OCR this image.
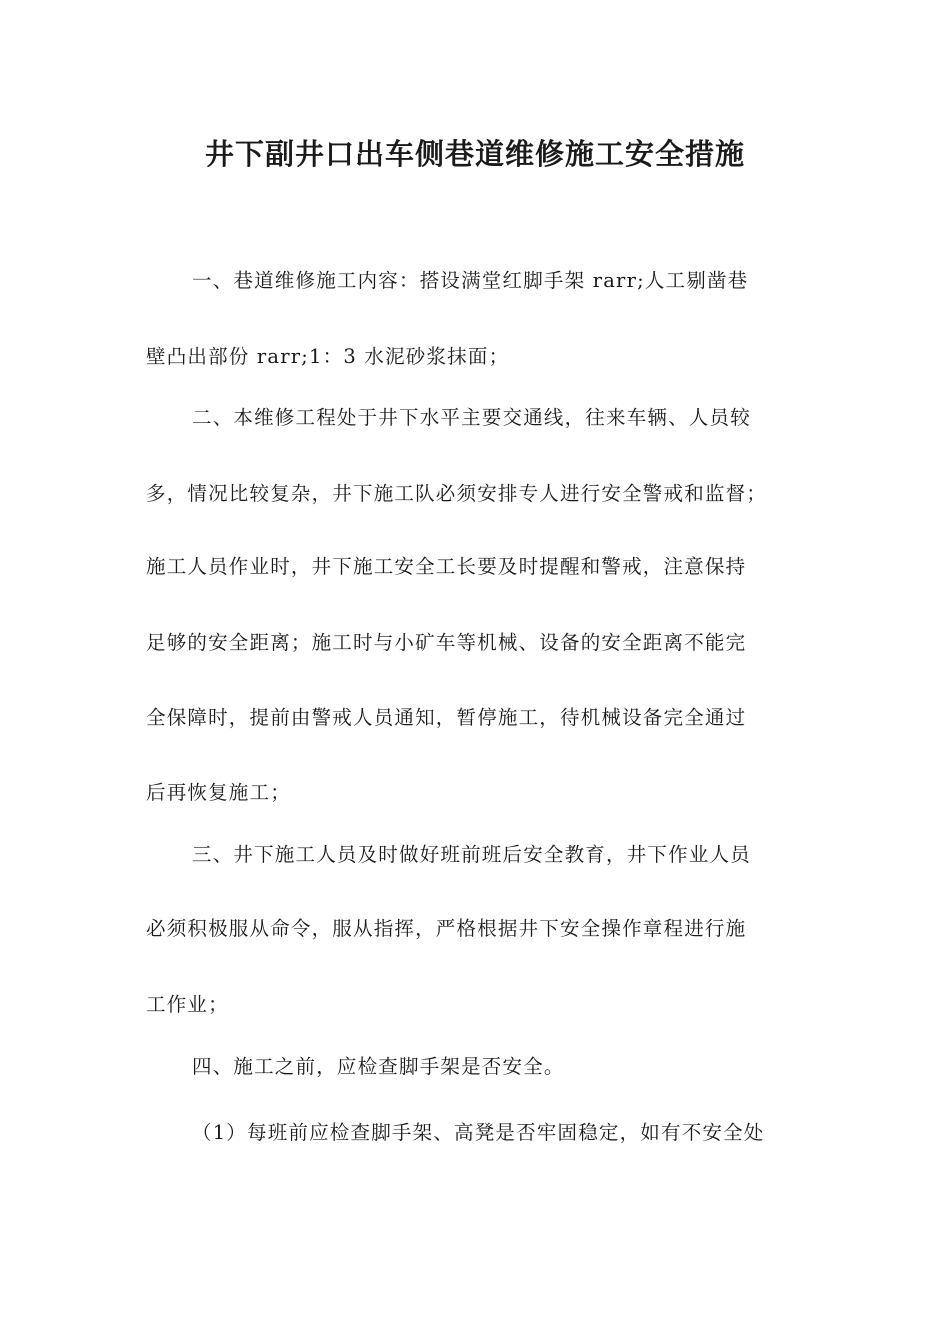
井下副井口出车侧巷道维修施工安全措施

一、巷道维修施工内容：搭设满堂红脚手架 rarr;人工剔凿巷

壁凸出部份 rarr;1：3 水泥砂浆抹面；

二、本维修工程处于井下水平主要交通线，往来车辆、人员较

多，情况比较复杂，井下施工队必须安排专人进行安全警戒和监督；

施工人员作业时，井下施工安全工长要及时提醒和警戒，注意保持

足够的安全距离；施工时与小矿车等机械、设备的安全距离不能完

全保障时，提前由警戒人员通知，暂停施工，待机械设备完全通过

后再恢复施工；

三、井下施工人员及时做好班前班后安全教育，井下作业人员

必须积极服从命令，服从指挥，严格根据井下安全操作章程进行施

工作业；

四、施工之前，应检查脚手架是否安全。

（1）每班前应检查脚手架、高凳是否牢固稳定，如有不安全处
